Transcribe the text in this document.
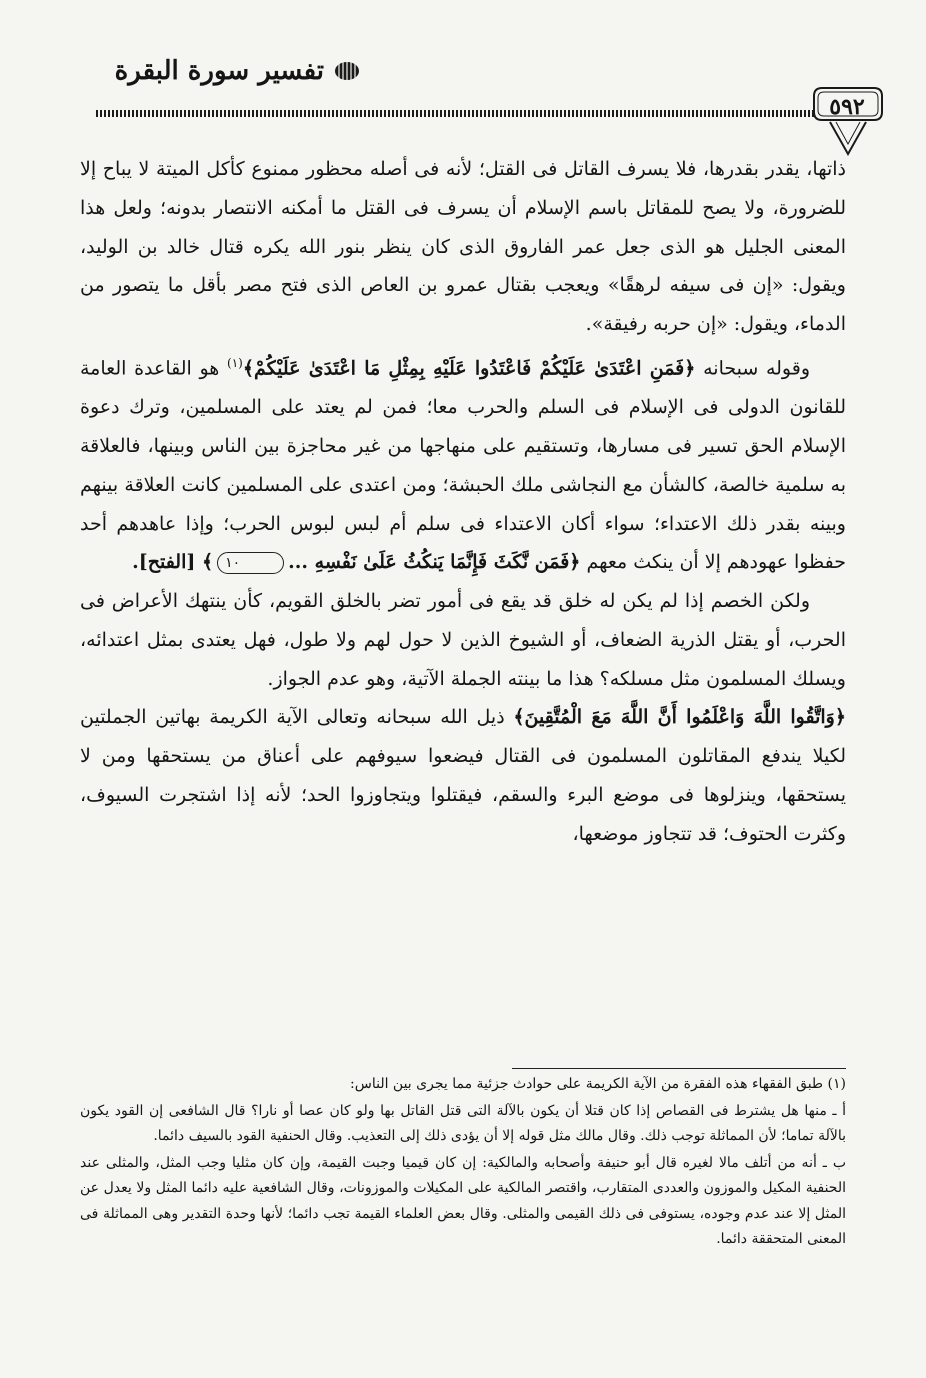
تفسير سورة البقرة
٥٩٢

ذاتها، يقدر بقدرها، فلا يسرف القاتل فى القتل؛ لأنه فى أصله محظور ممنوع كأكل الميتة لا يباح إلا للضرورة، ولا يصح للمقاتل باسم الإسلام أن يسرف فى القتل ما أمكنه الانتصار بدونه؛ ولعل هذا المعنى الجليل هو الذى جعل عمر الفاروق الذى كان ينظر بنور الله يكره قتال خالد بن الوليد، ويقول: «إن فى سيفه لرهقًا» ويعجب بقتال عمرو بن العاص الذى فتح مصر بأقل ما يتصور من الدماء، ويقول: «إن حربه رفيقة».

وقوله سبحانه ﴿فَمَنِ اعْتَدَىٰ عَلَيْكُمْ فَاعْتَدُوا عَلَيْهِ بِمِثْلِ مَا اعْتَدَىٰ عَلَيْكُمْ﴾$^{(١)}$ هو القاعدة العامة للقانون الدولى فى الإسلام فى السلم والحرب معا؛ فمن لم يعتد على المسلمين، وترك دعوة الإسلام الحق تسير فى مسارها، وتستقيم على منهاجها من غير محاجزة بين الناس وبينها، فالعلاقة به سلمية خالصة، كالشأن مع النجاشى ملك الحبشة؛ ومن اعتدى على المسلمين كانت العلاقة بينهم وبينه بقدر ذلك الاعتداء؛ سواء أكان الاعتداء فى سلم أم لبس لبوس الحرب؛ وإذا عاهدهم أحد حفظوا عهودهم إلا أن ينكث معهم ﴿فَمَن نَّكَثَ فَإِنَّمَا يَنكُثُ عَلَىٰ نَفْسِهِ ...١٠﴾ [الفتح].

ولكن الخصم إذا لم يكن له خلق قد يقع فى أمور تضر بالخلق القويم، كأن ينتهك الأعراض فى الحرب، أو يقتل الذرية الضعاف، أو الشيوخ الذين لا حول لهم ولا طول، فهل يعتدى بمثل اعتدائه، ويسلك المسلمون مثل مسلكه؟ هذا ما بينته الجملة الآتية، وهو عدم الجواز.

﴿وَاتَّقُوا اللَّهَ وَاعْلَمُوا أَنَّ اللَّهَ مَعَ الْمُتَّقِينَ﴾ ذيل الله سبحانه وتعالى الآية الكريمة بهاتين الجملتين لكيلا يندفع المقاتلون المسلمون فى القتال فيضعوا سيوفهم على أعناق من يستحقها ومن لا يستحقها، وينزلوها فى موضع البرء والسقم، فيقتلوا ويتجاوزوا الحد؛ لأنه إذا اشتجرت السيوف، وكثرت الحتوف؛ قد تتجاوز موضعها،

(١) طبق الفقهاء هذه الفقرة من الآية الكريمة على حوادث جزئية مما يجرى بين الناس:

أ ـ منها هل يشترط فى القصاص إذا كان قتلا أن يكون بالآلة التى قتل القاتل بها ولو كان عصا أو نارا؟ قال الشافعى إن القود يكون بالآلة تماما؛ لأن المماثلة توجب ذلك. وقال مالك مثل قوله إلا أن يؤدى ذلك إلى التعذيب. وقال الحنفية القود بالسيف دائما.

ب ـ أنه من أتلف مالا لغيره قال أبو حنيفة وأصحابه والمالكية: إن كان قيميا وجبت القيمة، وإن كان مثليا وجب المثل، والمثلى عند الحنفية المكيل والموزون والعددى المتقارب، واقتصر المالكية على المكيلات والموزونات، وقال الشافعية عليه دائما المثل ولا يعدل عن المثل إلا عند عدم وجوده، يستوفى فى ذلك القيمى والمثلى. وقال بعض العلماء القيمة تجب دائما؛ لأنها وحدة التقدير وهى المماثلة فى المعنى المتحققة دائما.
